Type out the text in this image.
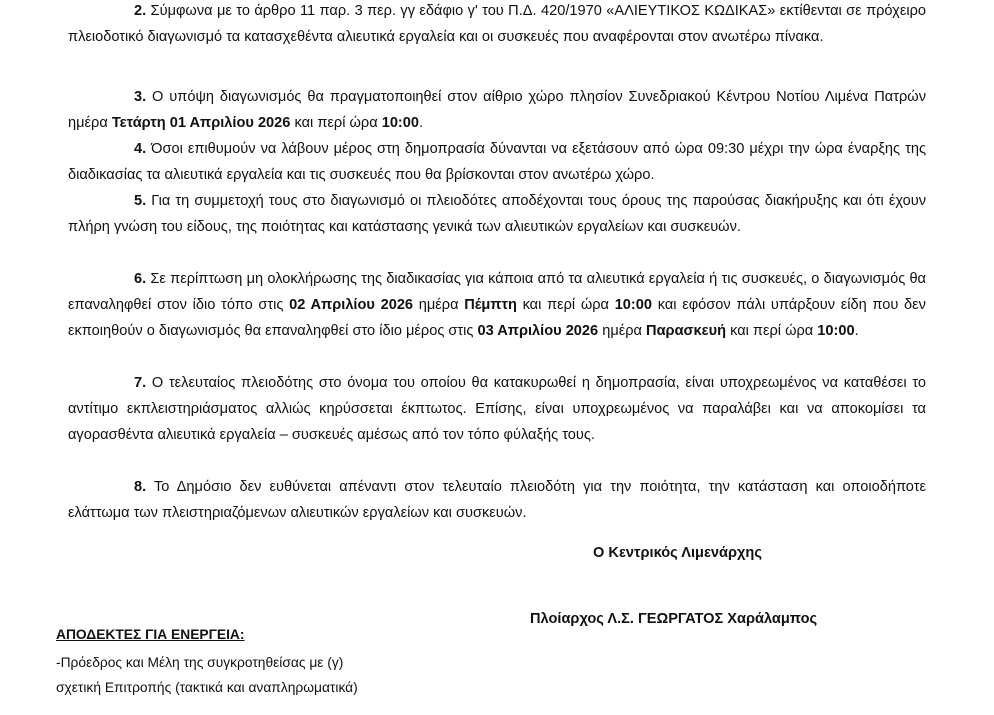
2. Σύμφωνα με το άρθρο 11 παρ. 3 περ. γγ εδάφιο γ' του Π.Δ. 420/1970 «ΑΛΙΕΥΤΙΚΟΣ ΚΩΔΙΚΑΣ» εκτίθενται σε πρόχειρο πλειοδοτικό διαγωνισμό τα κατασχεθέντα αλιευτικά εργαλεία και οι συσκευές που αναφέρονται στον ανωτέρω πίνακα.

3. Ο υπόψη διαγωνισμός θα πραγματοποιηθεί στον αίθριο χώρο πλησίον Συνεδριακού Κέντρου Νοτίου Λιμένα Πατρών ημέρα Τετάρτη 01 Απριλίου 2026 και περί ώρα 10:00.

4. Όσοι επιθυμούν να λάβουν μέρος στη δημοπρασία δύνανται να εξετάσουν από ώρα 09:30 μέχρι την ώρα έναρξης της διαδικασίας τα αλιευτικά εργαλεία και τις συσκευές που θα βρίσκονται στον ανωτέρω χώρο.

5. Για τη συμμετοχή τους στο διαγωνισμό οι πλειοδότες αποδέχονται τους όρους της παρούσας διακήρυξης και ότι έχουν πλήρη γνώση του είδους, της ποιότητας και κατάστασης γενικά των αλιευτικών εργαλείων και συσκευών.

6. Σε περίπτωση μη ολοκλήρωσης της διαδικασίας για κάποια από τα αλιευτικά εργαλεία ή τις συσκευές, ο διαγωνισμός θα επαναληφθεί στον ίδιο τόπο στις 02 Απριλίου 2026 ημέρα Πέμπτη και περί ώρα 10:00 και εφόσον πάλι υπάρξουν είδη που δεν εκποιηθούν ο διαγωνισμός θα επαναληφθεί στο ίδιο μέρος στις 03 Απριλίου 2026 ημέρα Παρασκευή και περί ώρα 10:00.

7. Ο τελευταίος πλειοδότης στο όνομα του οποίου θα κατακυρωθεί η δημοπρασία, είναι υποχρεωμένος να καταθέσει το αντίτιμο εκπλειστηριάσματος αλλιώς κηρύσσεται έκπτωτος. Επίσης, είναι υποχρεωμένος να παραλάβει και να αποκομίσει τα αγορασθέντα αλιευτικά εργαλεία – συσκευές αμέσως από τον τόπο φύλαξής τους.

8. Το Δημόσιο δεν ευθύνεται απέναντι στον τελευταίο πλειοδότη για την ποιότητα, την κατάσταση και οποιοδήποτε ελάττωμα των πλειστηριαζόμενων αλιευτικών εργαλείων και συσκευών.

Ο Κεντρικός Λιμενάρχης
Πλοίαρχος Λ.Σ. ΓΕΩΡΓΑΤΟΣ Χαράλαμπος
ΑΠΟΔΕΚΤΕΣ ΓΙΑ ΕΝΕΡΓΕΙΑ:
-Πρόεδρος και Μέλη της συγκροτηθείσας με (γ)
σχετική Επιτροπής (τακτικά και αναπληρωματικά)
